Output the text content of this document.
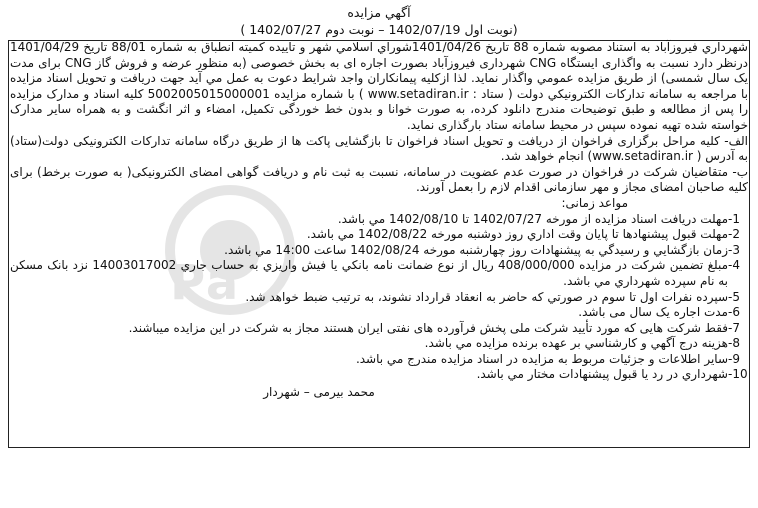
Pa
آگهي مزايده
(نوبت اول 1402/07/19 – نوبت دوم 1402/07/27 )

شهرداري فيروزآباد به استناد مصوبه شماره 88 تاريخ 1401/04/26شوراي اسلامي شهر و تاييده کميته انطباق به شماره 88/01 تاريخ 1401/04/29 درنظر دارد نسبت به واگذاری ایستگاه CNG شهرداری فیروزآباد بصورت اجاره ای به بخش خصوصی (به منظور عرضه و فروش گاز CNG برای مدت یک سال شمسی) از طريق مزايده عمومي واگذار نمايد. لذا ازکليه پيمانکاران واجد شرايط دعوت به عمل مي آيد جهت دريافت و تحويل اسناد مزايده با مراجعه به سامانه تداركات الكترونيكي دولت ( ستاد : www.setadiran.ir ) با شماره مزایده 5002005015000001 کلیه اسناد و مدارک مزایده را پس از مطالعه و طبق توضیحات مندرج دانلود کرده، به صورت خوانا و بدون خط خوردگی تکمیل، امضاء و اثر انگشت و به همراه سایر مدارک خواسته شده تهیه نموده سپس در محیط سامانه ستاد بارگذاری نماید.

الف- کلیه مراحل برگزاری فراخوان از دریافت و تحویل اسناد فراخوان تا بازگشایی پاکت ها از طریق درگاه سامانه تدارکات الکترونیکی دولت(ستاد) به آدرس ( www.setadiran.ir) انجام خواهد شد.

ب- متقاضیان شرکت در فراخوان در صورت عدم عضویت در سامانه، نسبت به ثبت نام و دریافت گواهی امضای الکترونیکی( به صورت برخط) برای کلیه صاحبان امضای مجاز و مهر سازمانی اقدام لازم را بعمل آورند.

مواعد زمانی:

-1
مهلت دريافت اسناد مزايده از مورخه 1402/07/27 تا 1402/08/10 مي باشد.
-2
مهلت قبول پيشنهادها تا پايان وقت اداري روز دوشنبه مورخه 1402/08/22 مي باشد.
-3
زمان بازگشايي و رسيدگي به پيشنهادات روز چهارشنبه مورخه 1402/08/24 ساعت 14:00 مي باشد.
-4
مبلغ تضمين شرکت در مزايده 408/000/000 ريال از نوع ضمانت نامه بانکي يا فيش واريزي به حساب جاري 14003017002 نزد بانک مسکن به نام سپرده شهرداري مي باشد.
-5
سپرده نفرات اول تا سوم در صورتي که حاضر به انعقاد قرارداد نشوند، به ترتيب ضبط خواهد شد.
-6
مدت اجاره یک سال می باشد.
-7
فقط شرکت هایی که مورد تأیید شرکت ملی پخش فرآورده های نفتی ایران هستند مجاز به شرکت در این مزایده میباشند.
-8
هزينه درج آگهي و کارشناسي بر عهده برنده مزايده مي باشد.
-9
ساير اطلاعات و جزئيات مربوط به مزايده در اسناد مزايده مندرج مي باشد.
-10
شهرداري در رد يا قبول پيشنهادات مختار مي باشد.
محمد بیرمی – شهردار
